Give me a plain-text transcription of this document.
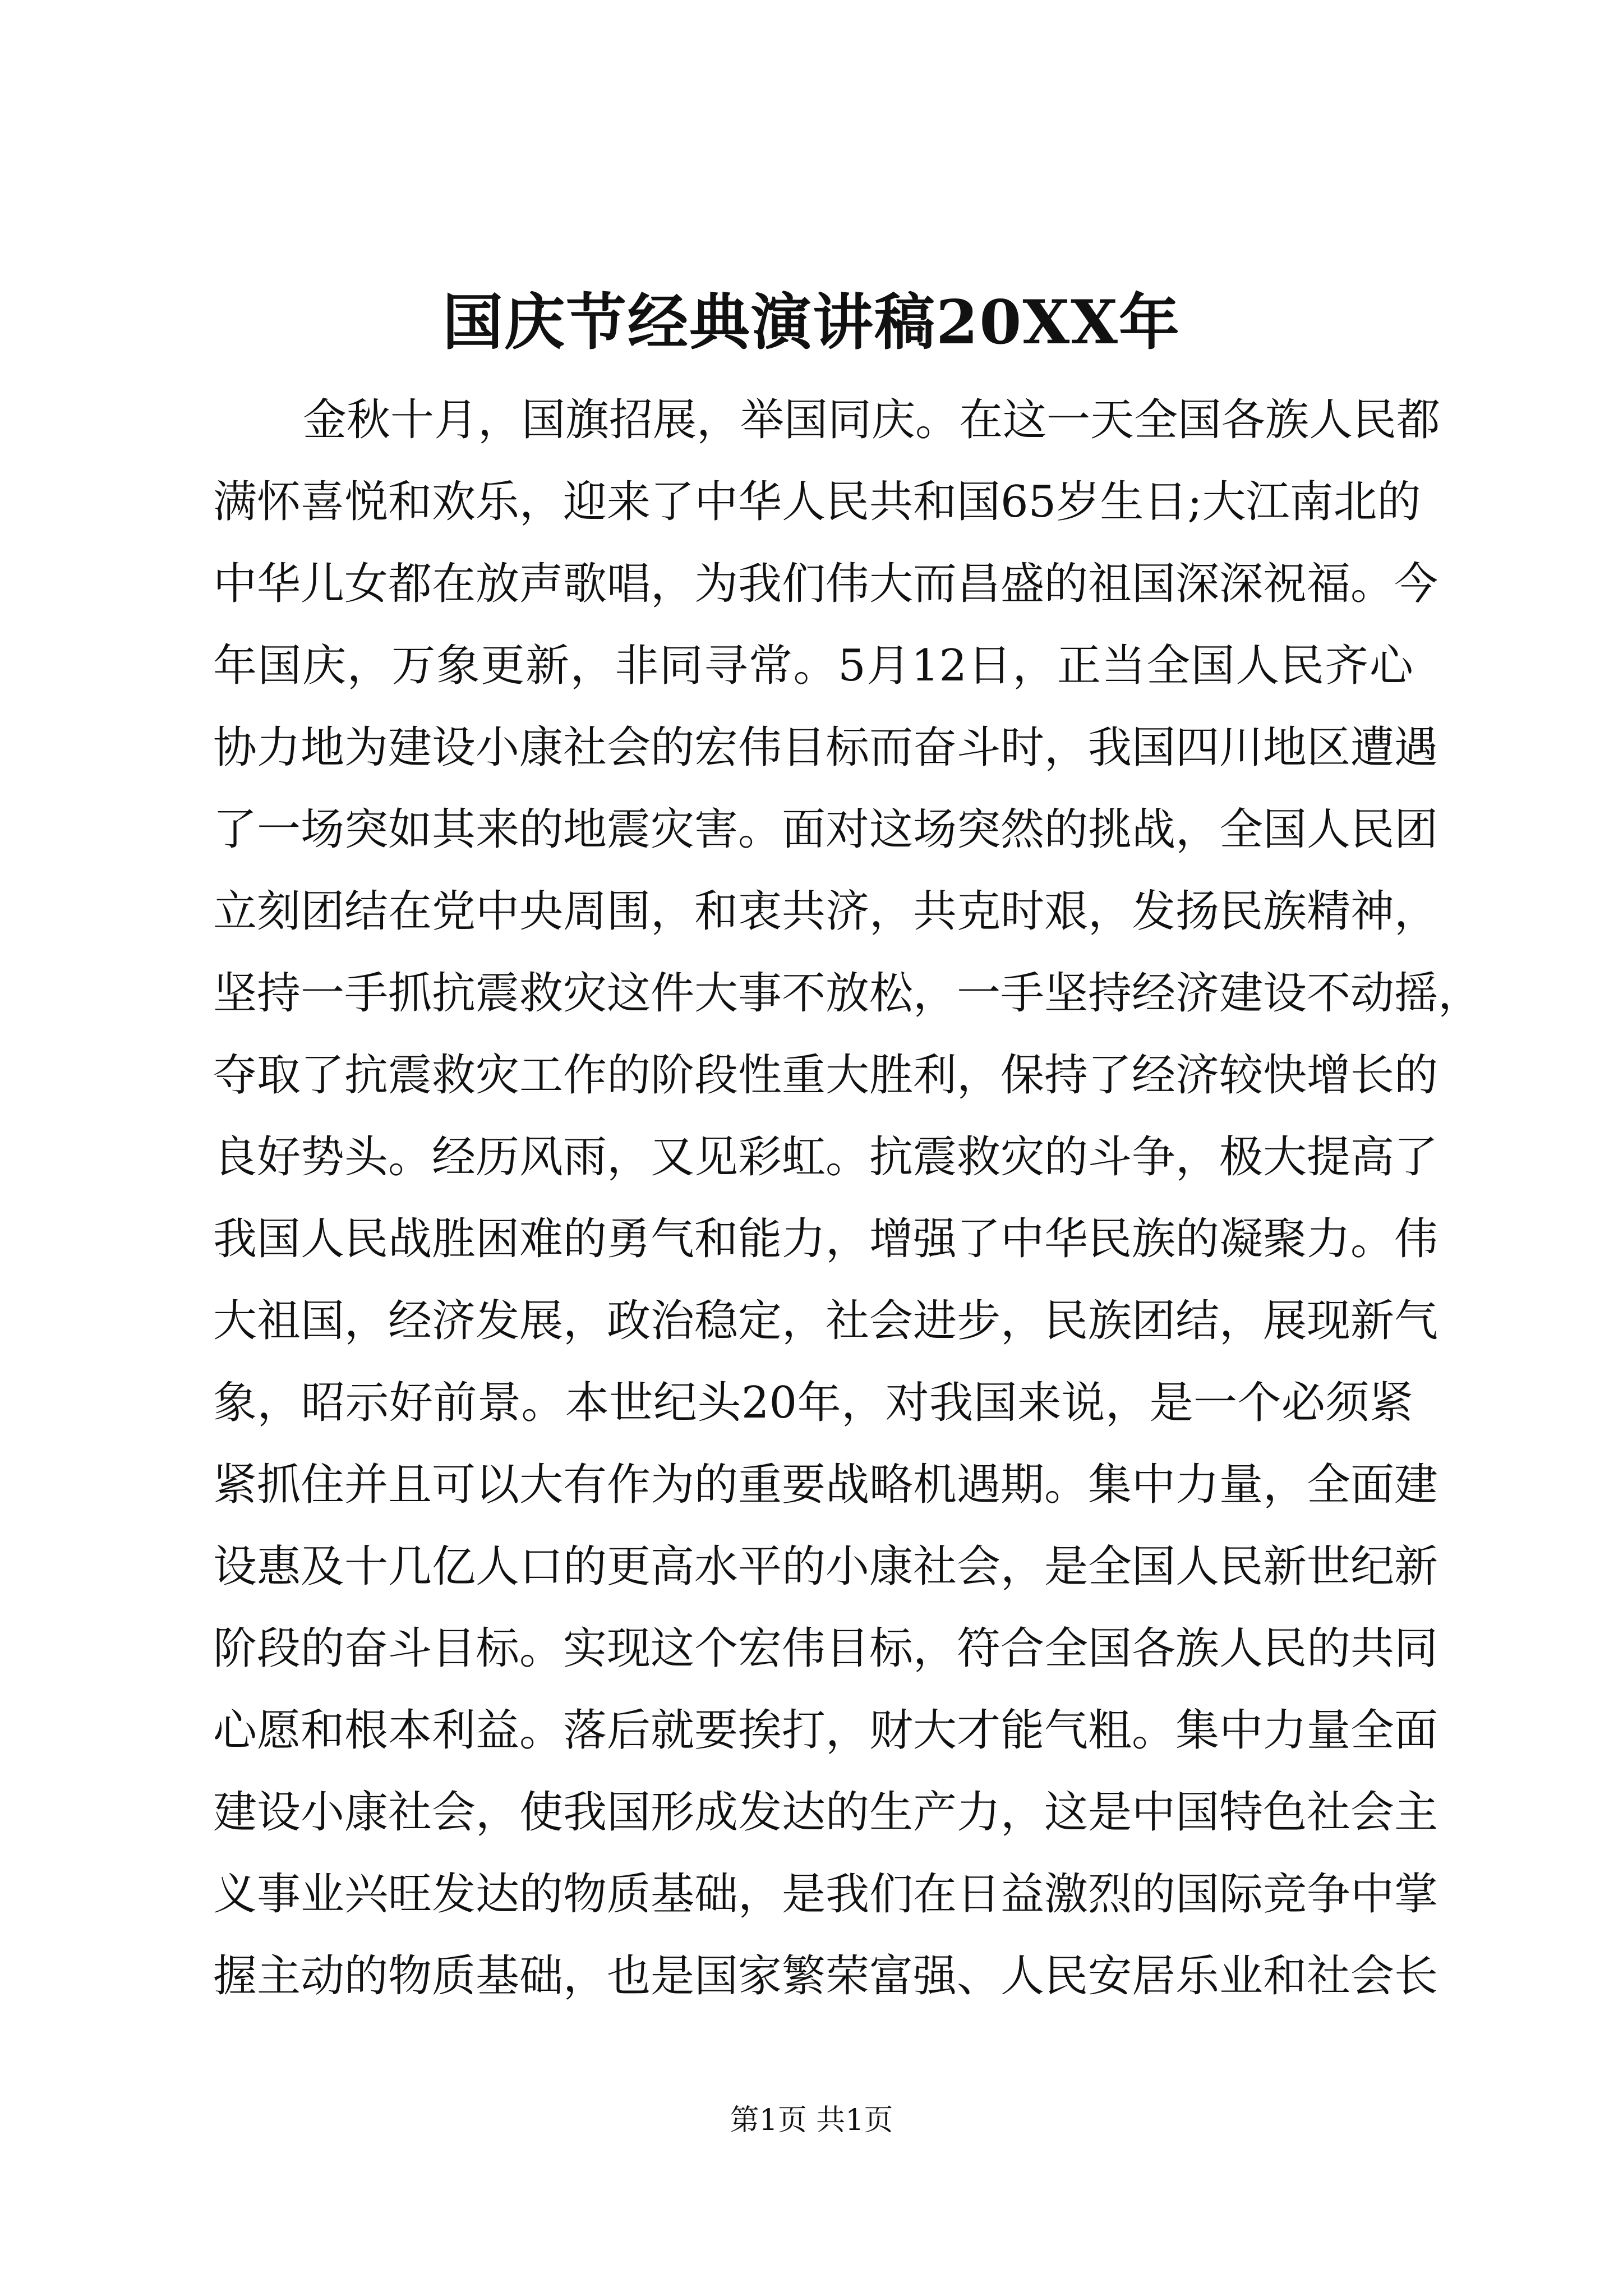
国庆节经典演讲稿20XX年
金秋十月，国旗招展，举国同庆。在这一天全国各族人民都
满怀喜悦和欢乐，迎来了中华人民共和国65岁生日;大江南北的
中华儿女都在放声歌唱，为我们伟大而昌盛的祖国深深祝福。今
年国庆，万象更新，非同寻常。5月12日，正当全国人民齐心
协力地为建设小康社会的宏伟目标而奋斗时，我国四川地区遭遇
了一场突如其来的地震灾害。面对这场突然的挑战，全国人民团
立刻团结在党中央周围，和衷共济，共克时艰，发扬民族精神，
坚持一手抓抗震救灾这件大事不放松，一手坚持经济建设不动摇，
夺取了抗震救灾工作的阶段性重大胜利，保持了经济较快增长的
良好势头。经历风雨，又见彩虹。抗震救灾的斗争，极大提高了
我国人民战胜困难的勇气和能力，增强了中华民族的凝聚力。伟
大祖国，经济发展，政治稳定，社会进步，民族团结，展现新气
象，昭示好前景。本世纪头20年，对我国来说，是一个必须紧
紧抓住并且可以大有作为的重要战略机遇期。集中力量，全面建
设惠及十几亿人口的更高水平的小康社会，是全国人民新世纪新
阶段的奋斗目标。实现这个宏伟目标，符合全国各族人民的共同
心愿和根本利益。落后就要挨打，财大才能气粗。集中力量全面
建设小康社会，使我国形成发达的生产力，这是中国特色社会主
义事业兴旺发达的物质基础，是我们在日益激烈的国际竞争中掌
握主动的物质基础，也是国家繁荣富强、人民安居乐业和社会长
第1页 共1页
